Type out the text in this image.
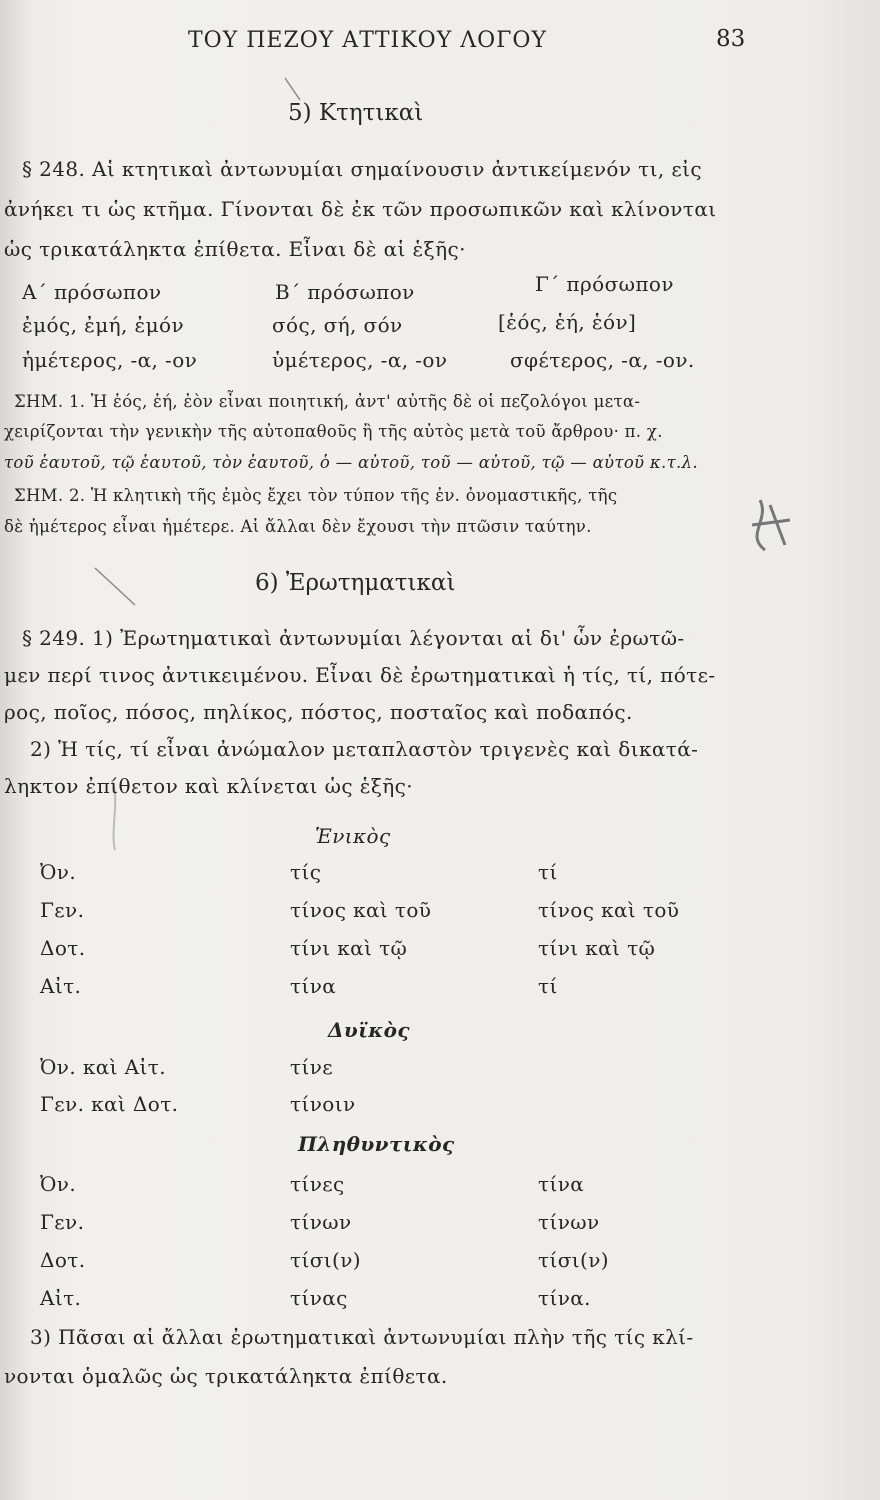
ΤΟΥ ΠΕΖΟΥ ΑΤΤΙΚΟΥ ΛΟΓΟΥ	83
5) Κτητικαὶ
§ 248. Αἱ κτητικαὶ ἀντωνυμίαι σημαίνουσιν ἀντικείμενόν τι, εἰς
ἀνήκει τι ὡς κτῆμα. Γίνονται δὲ ἐκ τῶν προσωπικῶν καὶ κλίνονται
ὡς τρικατάληκτα ἐπίθετα. Εἶναι δὲ αἱ ἑξῆς·
Α΄ πρόσωπον	Β΄ πρόσωπον	Γ΄ πρόσωπον
ἐμός, ἐμή, ἐμόν	σός, σή, σόν	[ἑός, ἑή, ἑόν]
ἡμέτερος, -α, -ον	ὑμέτερος, -α, -ον	σφέτερος, -α, -ον.
ΣΗΜ. 1. Ἡ ἑός, ἑή, ἑὸν εἶναι ποιητική, ἀντ' αὐτῆς δὲ οἱ πεζολόγοι μετα-
χειρίζονται τὴν γενικὴν τῆς αὐτοπαθοῦς ἢ τῆς αὐτὸς μετὰ τοῦ ἄρθρου· π. χ.
τοῦ ἑαυτοῦ, τῷ ἑαυτοῦ, τὸν ἑαυτοῦ, ὁ — αὐτοῦ, τοῦ — αὐτοῦ, τῷ — αὐτοῦ κ.τ.λ.
ΣΗΜ. 2. Ἡ κλητικὴ τῆς ἐμὸς ἔχει τὸν τύπον τῆς ἐν. ὀνομαστικῆς, τῆς
δὲ ἡμέτερος εἶναι ἡμέτερε. Αἱ ἄλλαι δὲν ἔχουσι τὴν πτῶσιν ταύτην.
6) Ἐρωτηματικαὶ
§ 249. 1) Ἐρωτηματικαὶ ἀντωνυμίαι λέγονται αἱ δι' ὧν ἐρωτῶ-
μεν περί τινος ἀντικειμένου. Εἶναι δὲ ἐρωτηματικαὶ ἡ τίς, τί, πότε-
ρος, ποῖος, πόσος, πηλίκος, πόστος, ποσταῖος καὶ ποδαπός.
2) Ἡ τίς, τί εἶναι ἀνώμαλον μεταπλαστὸν τριγενὲς καὶ δικατά-
ληκτον ἐπίθετον καὶ κλίνεται ὡς ἑξῆς·
Ἑνικὸς
Ὀν.	τίς	τί
Γεν.	τίνος καὶ τοῦ	τίνος καὶ τοῦ
Δοτ.	τίνι καὶ τῷ	τίνι καὶ τῷ
Αἰτ.	τίνα	τί
Δυϊκὸς
Ὀν. καὶ Αἰτ.	τίνε
Γεν. καὶ Δοτ.	τίνοιν
Πληθυντικὸς
Ὀν.	τίνες	τίνα
Γεν.	τίνων	τίνων
Δοτ.	τίσι(ν)	τίσι(ν)
Αἰτ.	τίνας	τίνα.
3) Πᾶσαι αἱ ἄλλαι ἐρωτηματικαὶ ἀντωνυμίαι πλὴν τῆς τίς κλί-
νονται ὁμαλῶς ὡς τρικατάληκτα ἐπίθετα.
